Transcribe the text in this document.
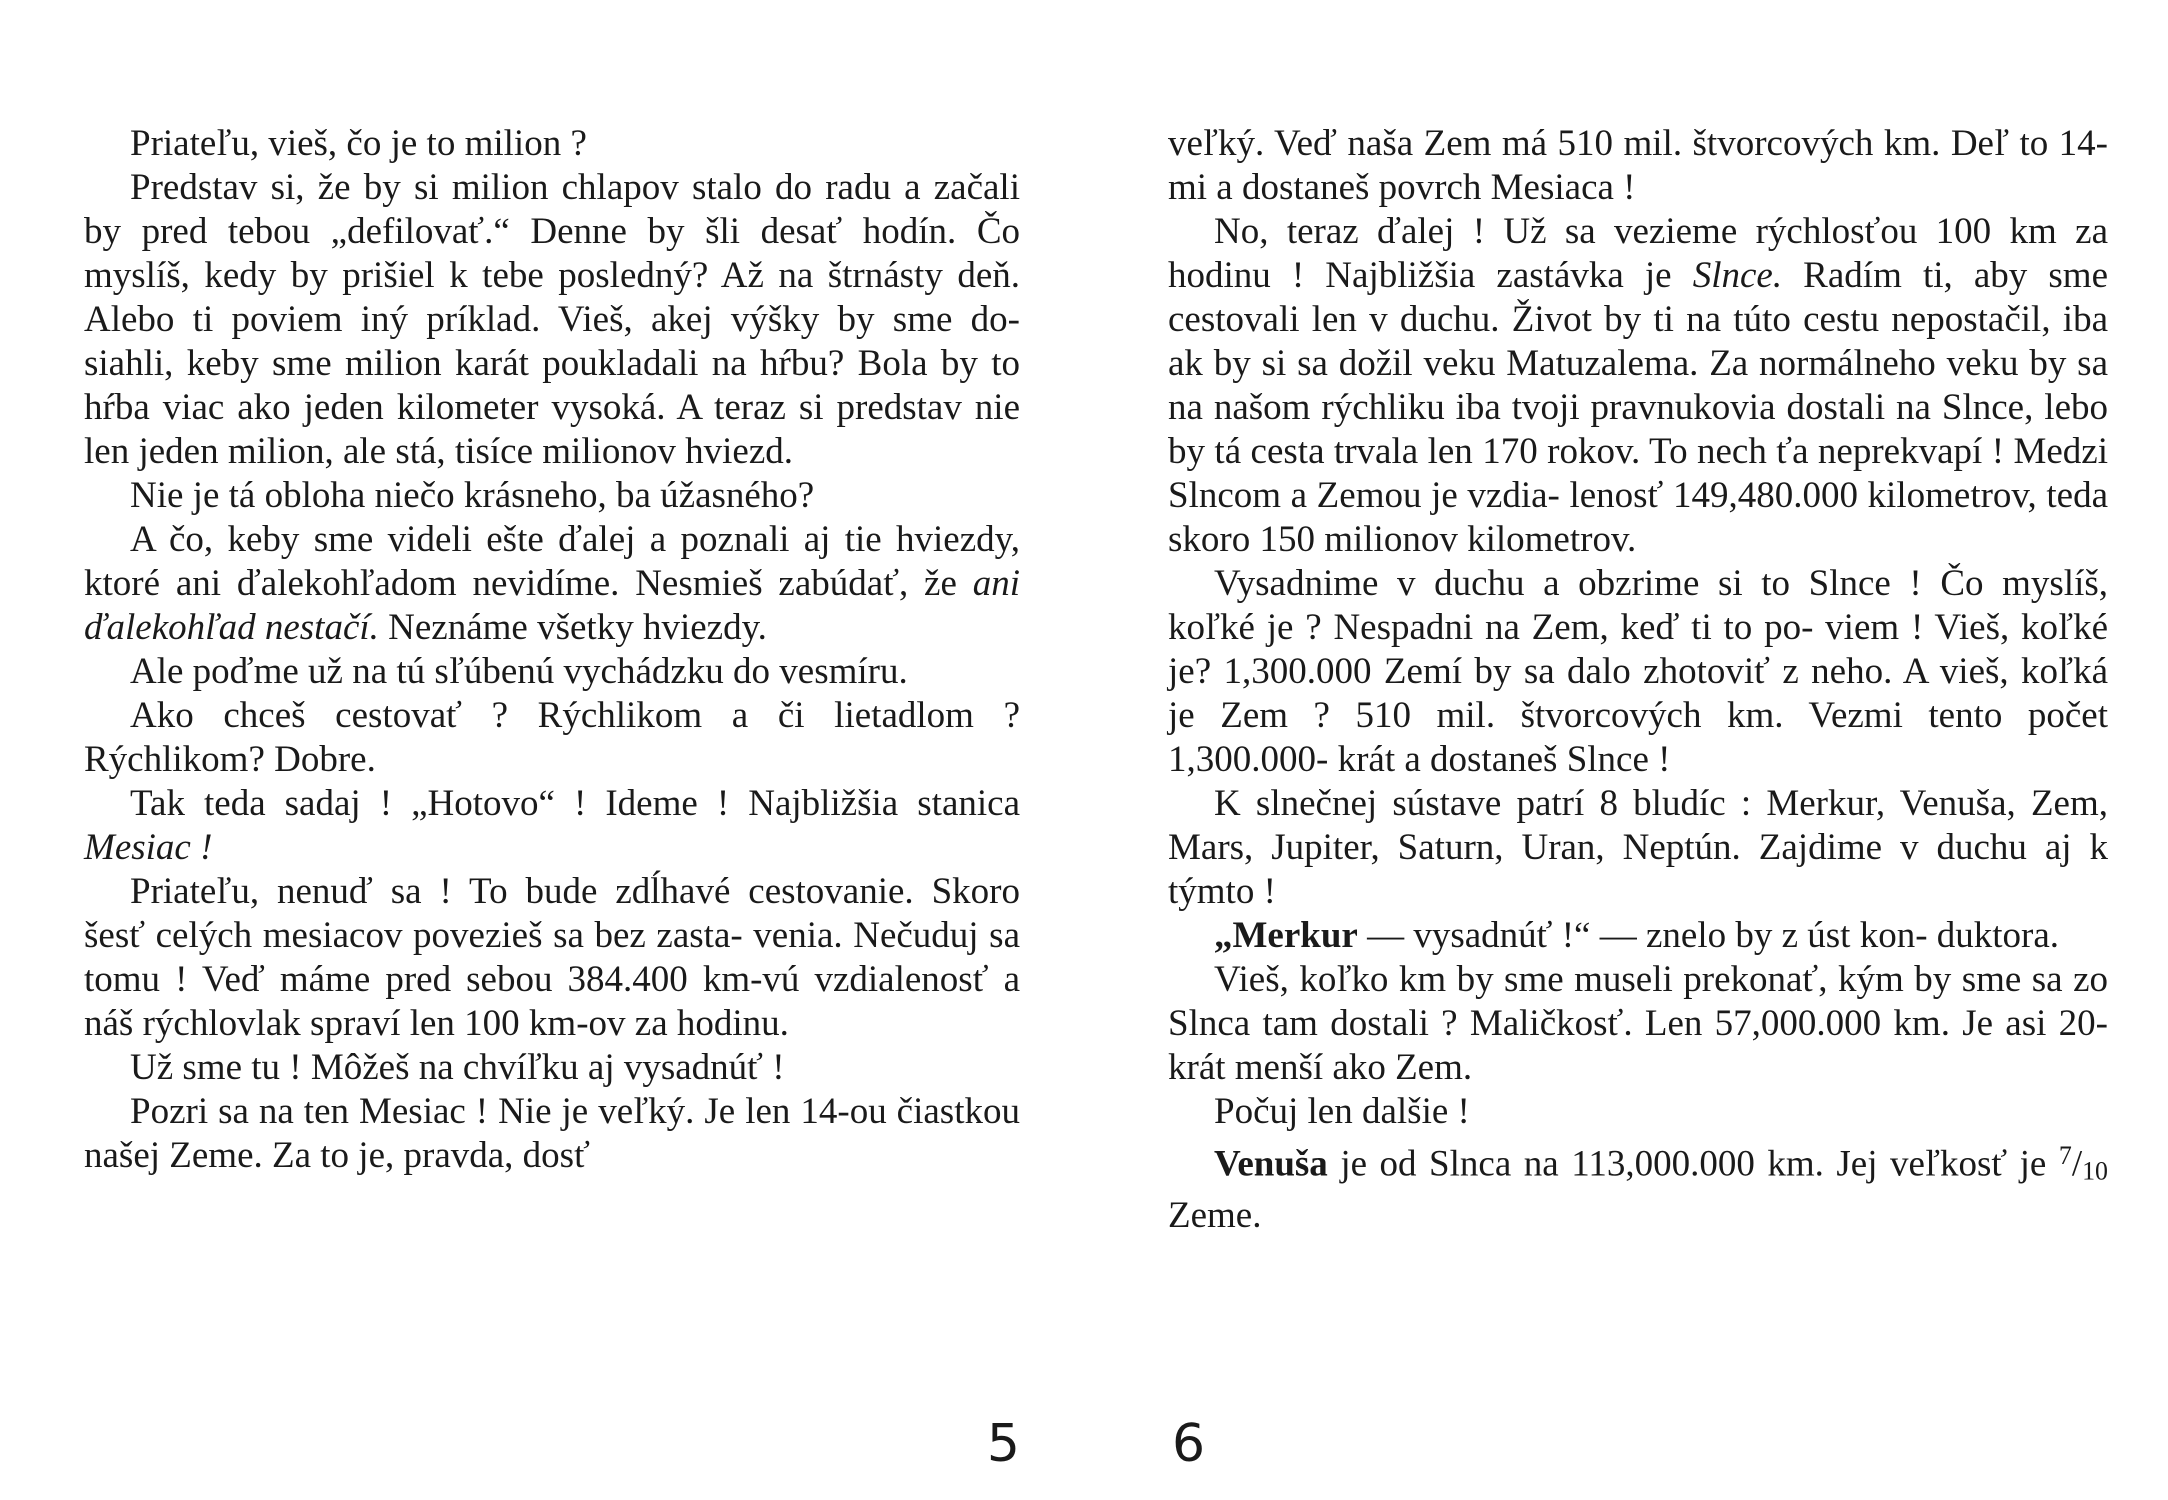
Priateľu, vieš, čo je to milion ?

Predstav si, že by si milion chlapov stalo do radu a začali by pred tebou „defilovať.“ Denne by šli desať hodín. Čo myslíš, kedy by prišiel k tebe posledný? Až na štrnásty deň. Alebo ti poviem iný príklad. Vieš, akej výšky by sme do- siahli, keby sme milion karát poukladali na hŕbu? Bola by to hŕba viac ako jeden kilometer vysoká. A teraz si predstav nie len jeden milion, ale stá, tisíce milionov hviezd.

Nie je tá obloha niečo krásneho, ba úžasného?

A čo, keby sme videli ešte ďalej a poznali aj tie hviezdy, ktoré ani ďalekohľadom nevidíme. Nesmieš zabúdať, že ani ďalekohľad nestačí. Neznáme všetky hviezdy.

Ale poďme už na tú sľúbenú vychádzku do vesmíru.

Ako chceš cestovať ? Rýchlikom a či lietadlom ? Rýchlikom? Dobre.

Tak teda sadaj ! „Hotovo“ ! Ideme ! Najbližšia stanica Mesiac !

Priateľu, nenuď sa ! To bude zdĺhavé cestovanie. Skoro šesť celých mesiacov povezieš sa bez zasta- venia. Nečuduj sa tomu ! Veď máme pred sebou 384.400 km-vú vzdialenosť a náš rýchlovlak spraví len 100 km-ov za hodinu.

Už sme tu ! Môžeš na chvíľku aj vysadnúť !

Pozri sa na ten Mesiac ! Nie je veľký. Je len 14-ou čiastkou našej Zeme. Za to je, pravda, dosť

5

veľký. Veď naša Zem má 510 mil. štvorcových km. Deľ to 14-mi a dostaneš povrch Mesiaca !

No, teraz ďalej ! Už sa vezieme rýchlosťou 100 km za hodinu ! Najbližšia zastávka je Slnce. Radím ti, aby sme cestovali len v duchu. Život by ti na túto cestu nepostačil, iba ak by si sa dožil veku Matuzalema. Za normálneho veku by sa na našom rýchliku iba tvoji pravnukovia dostali na Slnce, lebo by tá cesta trvala len 170 rokov. To nech ťa neprekvapí ! Medzi Slncom a Zemou je vzdia- lenosť 149,480.000 kilometrov, teda skoro 150 milionov kilometrov.

Vysadnime v duchu a obzrime si to Slnce ! Čo myslíš, koľké je ? Nespadni na Zem, keď ti to po- viem ! Vieš, koľké je? 1,300.000 Zemí by sa dalo zhotoviť z neho. A vieš, koľká je Zem ? 510 mil. štvorcových km. Vezmi tento počet 1,300.000- krát a dostaneš Slnce !

K slnečnej sústave patrí 8 bludíc : Merkur, Venuša, Zem, Mars, Jupiter, Saturn, Uran, Neptún. Zajdime v duchu aj k týmto !

„Merkur — vysadnúť !“ — znelo by z úst kon- duktora.

Vieš, koľko km by sme museli prekonať, kým by sme sa zo Slnca tam dostali ? Maličkosť. Len 57,000.000 km. Je asi 20-krát menší ako Zem.

Počuj len dalšie !

Venuša je od Slnca na 113,000.000 km. Jej veľkosť je $^7$/10 Zeme.

6
